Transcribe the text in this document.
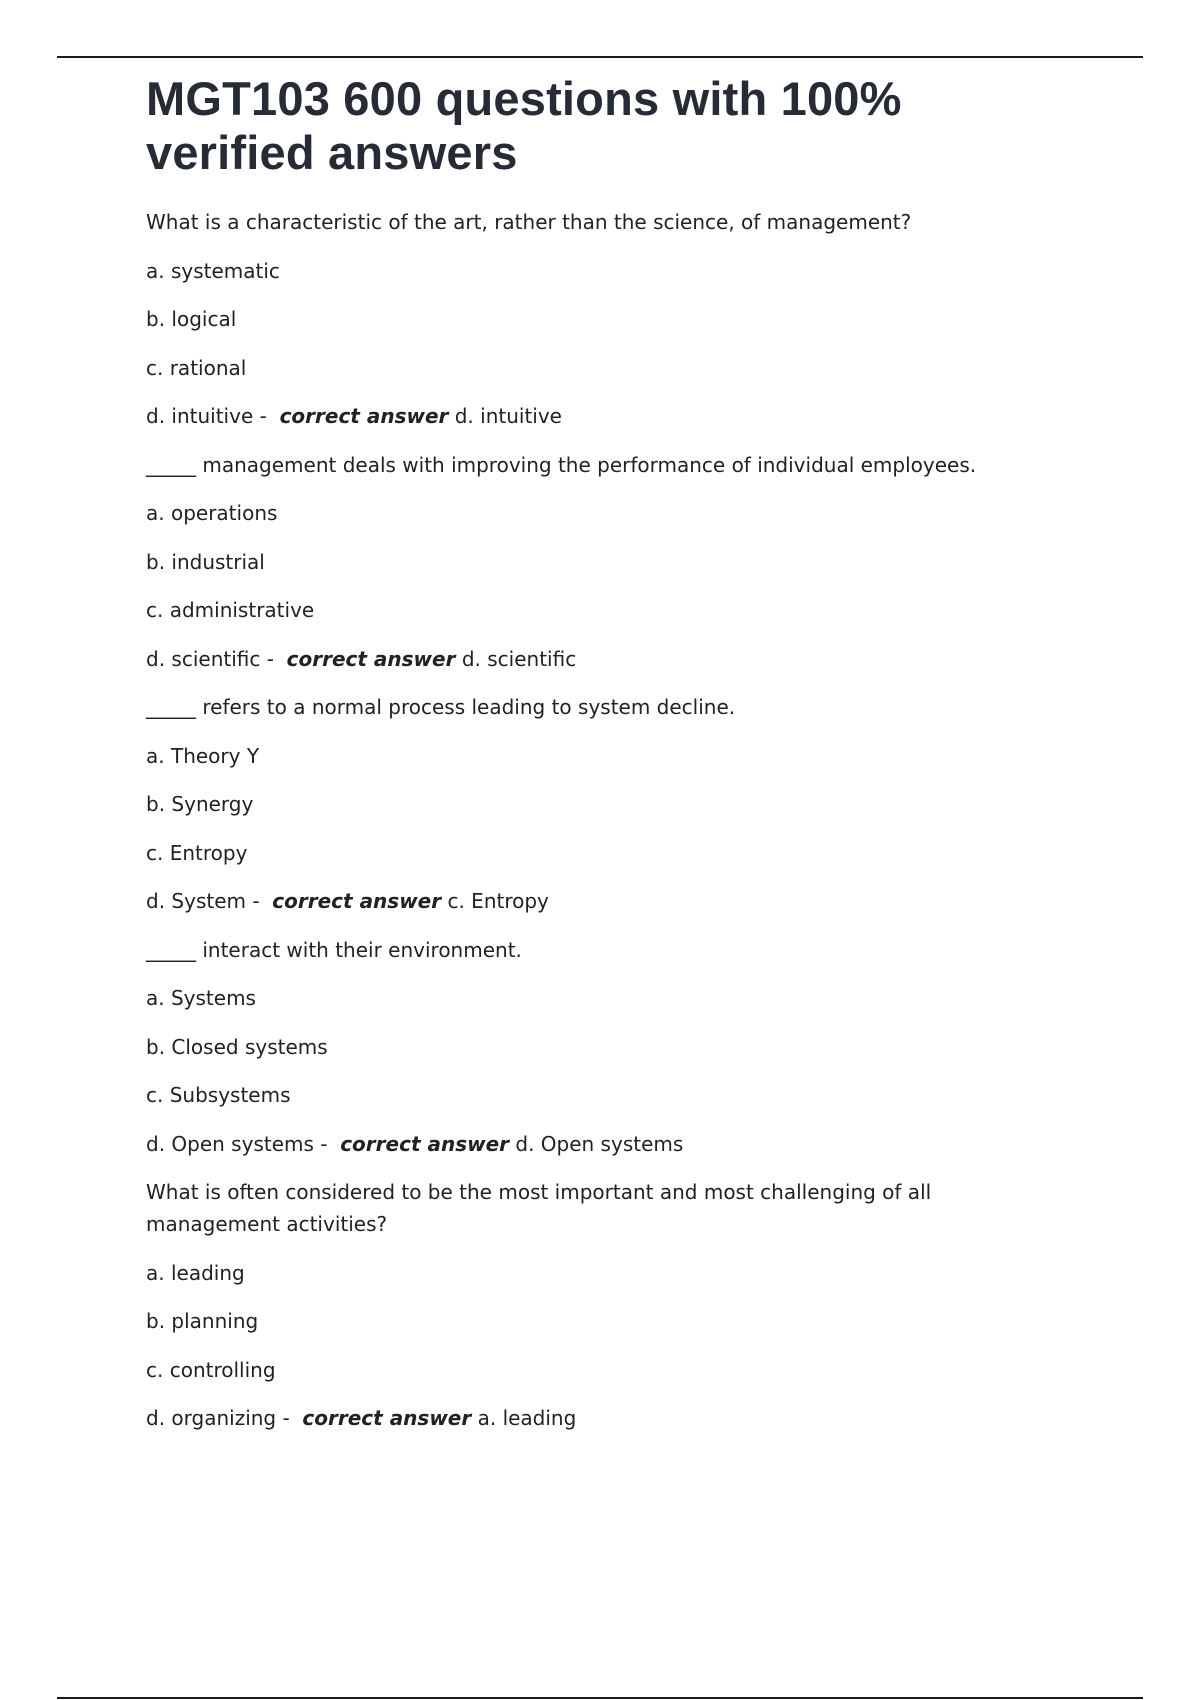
MGT103 600 questions with 100% verified answers

What is a characteristic of the art, rather than the science, of management?

a. systematic

b. logical

c. rational

d. intuitive - correct answer d. intuitive

_____ management deals with improving the performance of individual employees.

a. operations

b. industrial

c. administrative

d. scientific - correct answer d. scientific

_____ refers to a normal process leading to system decline.

a. Theory Y

b. Synergy

c. Entropy

d. System - correct answer c. Entropy

_____ interact with their environment.

a. Systems

b. Closed systems

c. Subsystems

d. Open systems - correct answer d. Open systems

What is often considered to be the most important and most challenging of all management activities?

a. leading

b. planning

c. controlling

d. organizing - correct answer a. leading
